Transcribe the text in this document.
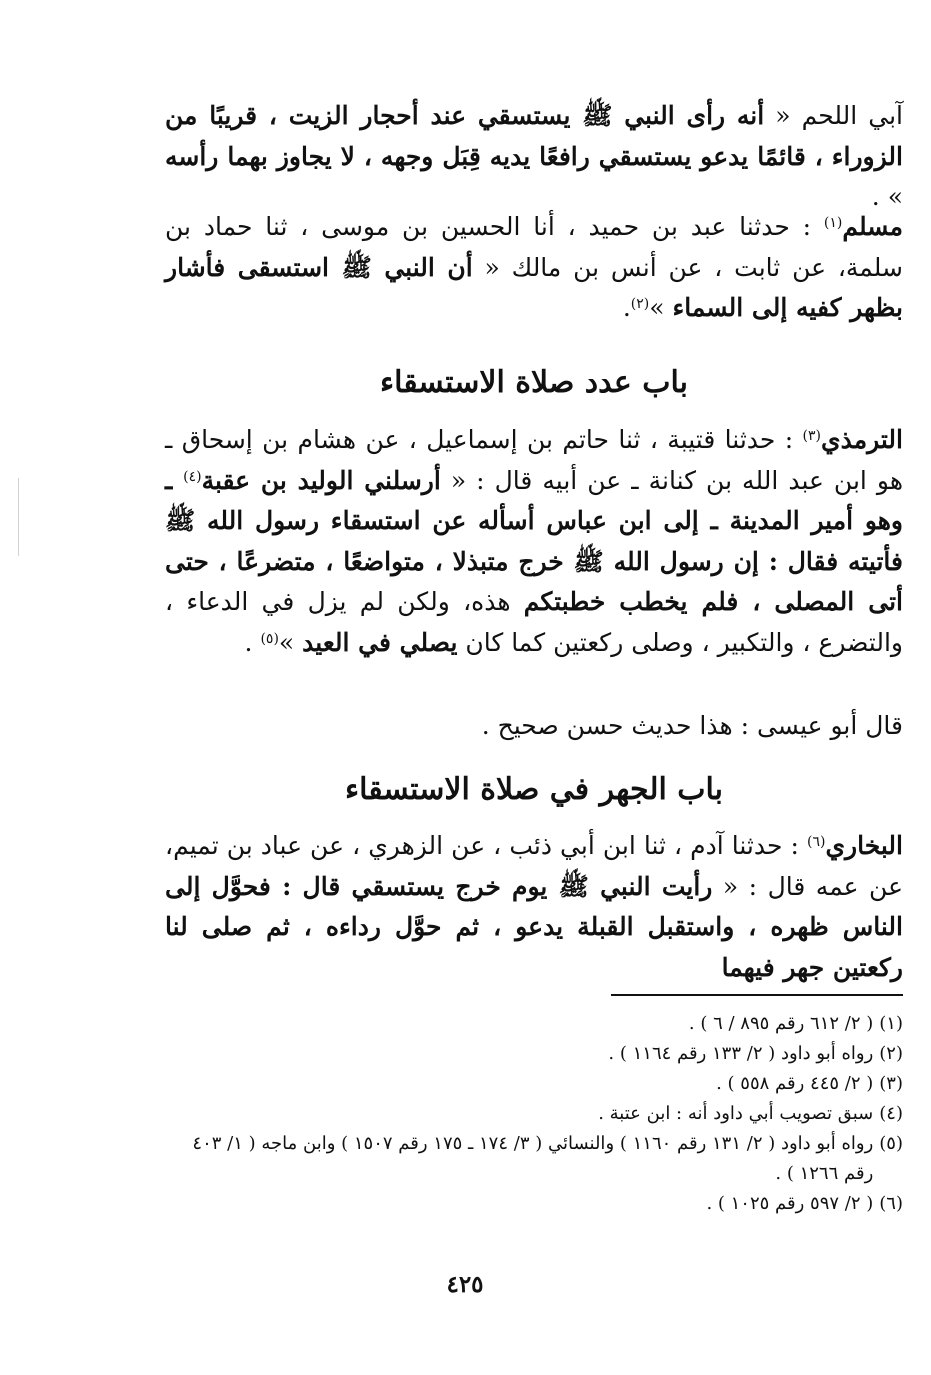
آبي اللحم « أنه رأى النبي ﷺ يستسقي عند أحجار الزيت ، قريبًا من الزوراء ، قائمًا يدعو يستسقي رافعًا يديه قِبَل وجهه ، لا يجاوز بهما رأسه » .

مسلم$^{(١)}$ : حدثنا عبد بن حميد ، أنا الحسين بن موسى ، ثنا حماد بن سلمة، عن ثابت ، عن أنس بن مالك « أن النبي ﷺ استسقى فأشار بظهر كفيه إلى السماء »$^{(٢)}$.

باب عدد صلاة الاستسقاء

الترمذي$^{(٣)}$ : حدثنا قتيبة ، ثنا حاتم بن إسماعيل ، عن هشام بن إسحاق ـ هو ابن عبد الله بن كنانة ـ عن أبيه قال : « أرسلني الوليد بن عقبة$^{(٤)}$ ـ وهو أمير المدينة ـ إلى ابن عباس أسأله عن استسقاء رسول الله ﷺ فأتيته فقال : إن رسول الله ﷺ خرج متبذلا ، متواضعًا ، متضرعًا ، حتى أتى المصلى ، فلم يخطب خطبتكم هذه، ولكن لم يزل في الدعاء ، والتضرع ، والتكبير ، وصلى ركعتين كما كان يصلي في العيد »$^{(٥)}$ .

قال أبو عيسى : هذا حديث حسن صحيح .

باب الجهر في صلاة الاستسقاء

البخاري$^{(٦)}$ : حدثنا آدم ، ثنا ابن أبي ذئب ، عن الزهري ، عن عباد بن تميم، عن عمه قال : « رأيت النبي ﷺ يوم خرج يستسقي قال : فحوَّل إلى الناس ظهره ، واستقبل القبلة يدعو ، ثم حوَّل رداءه ، ثم صلى لنا ركعتين جهر فيهما

(١)
( ٢/ ٦١٢ رقم ٨٩٥ / ٦ ) .
(٢)
رواه أبو داود ( ٢/ ١٣٣ رقم ١١٦٤ ) .
(٣)
( ٢/ ٤٤٥ رقم ٥٥٨ ) .
(٤)
سبق تصويب أبي داود أنه : ابن عتبة .
(٥)
رواه أبو داود ( ٢/ ١٣١ رقم ١١٦٠ ) والنسائي ( ٣/ ١٧٤ ـ ١٧٥ رقم ١٥٠٧ ) وابن ماجه ( ١/ ٤٠٣ رقم ١٢٦٦ ) .
(٦)
( ٢/ ٥٩٧ رقم ١٠٢٥ ) .
٤٢٥
